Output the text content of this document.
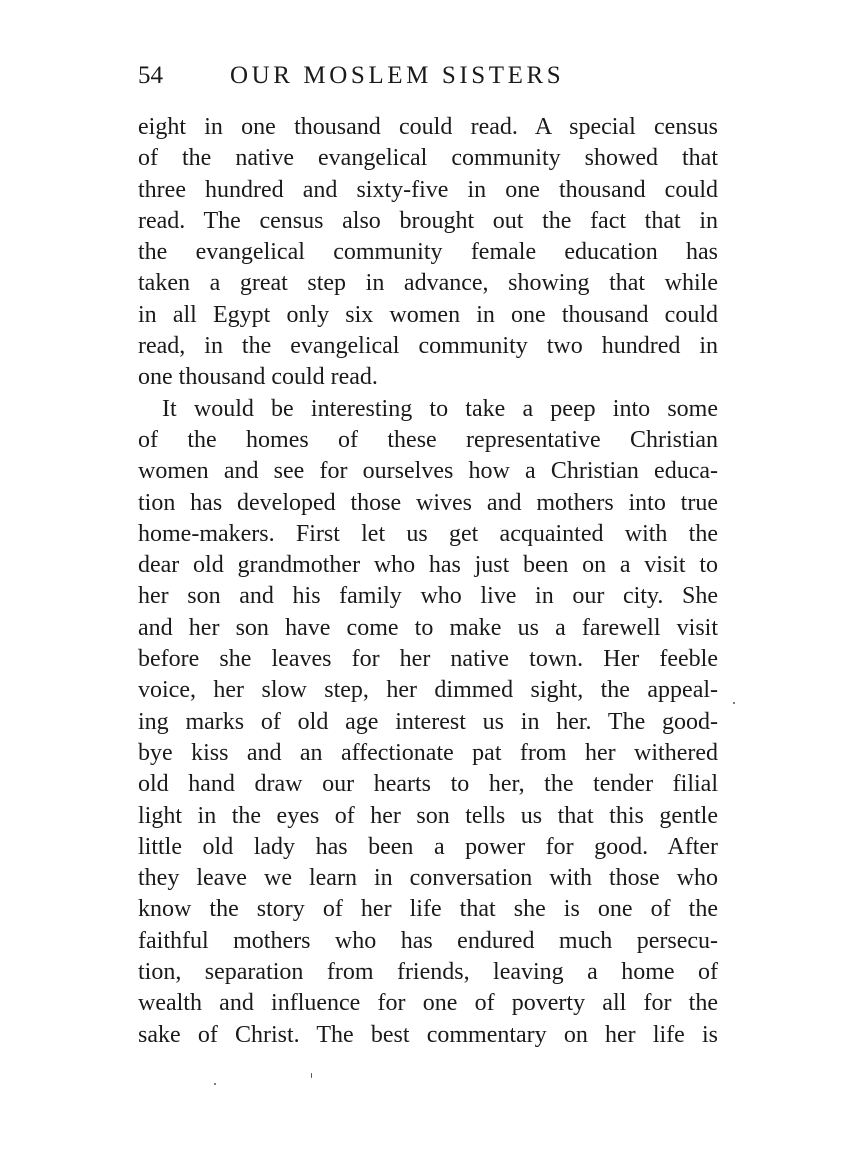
54	OUR MOSLEM SISTERS
eight in one thousand could read. A special census
of the native evangelical community showed that
three hundred and sixty-five in one thousand could
read. The census also brought out the fact that in
the evangelical community female education has
taken a great step in advance, showing that while
in all Egypt only six women in one thousand could
read, in the evangelical community two hundred in
one thousand could read.
It would be interesting to take a peep into some
of the homes of these representative Christian
women and see for ourselves how a Christian educa-
tion has developed those wives and mothers into true
home-makers. First let us get acquainted with the
dear old grandmother who has just been on a visit to
her son and his family who live in our city. She
and her son have come to make us a farewell visit
before she leaves for her native town. Her feeble
voice, her slow step, her dimmed sight, the appeal-
ing marks of old age interest us in her. The good-
bye kiss and an affectionate pat from her withered
old hand draw our hearts to her, the tender filial
light in the eyes of her son tells us that this gentle
little old lady has been a power for good. After
they leave we learn in conversation with those who
know the story of her life that she is one of the
faithful mothers who has endured much persecu-
tion, separation from friends, leaving a home of
wealth and influence for one of poverty all for the
sake of Christ. The best commentary on her life is
